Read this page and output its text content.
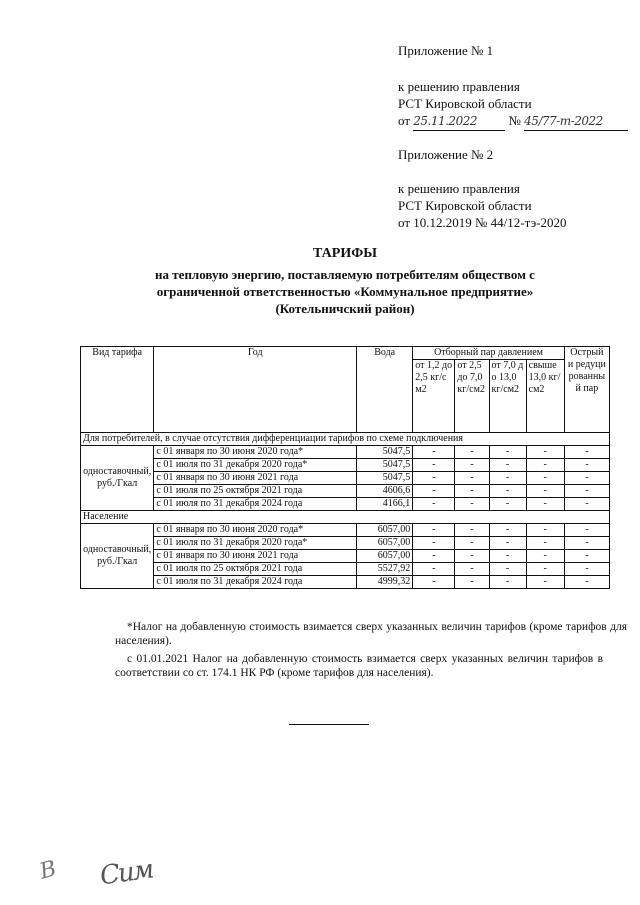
Приложение № 1
к решению правления
РСТ Кировской области
от 25.11.2022 № 45/77-т-2022
Приложение № 2
к решению правления
РСТ Кировской области
от 10.12.2019 № 44/12-тэ-2020
ТАРИФЫ
на тепловую энергию, поставляемую потребителям обществом с
ограниченной ответственностью «Коммунальное предприятие»
(Котельничский район)
Вид тарифа	Год	Вода	Отборный пар давлением				Острый и редуцированный пар
			от 1,2 до 2,5 кг/см2	от 2,5 до 7,0 кг/см2	от 7,0 до 13,0 кг/см2	свыше 13,0 кг/см2	
Для потребителей, в случае отсутствия дифференциации тарифов по схеме подключения							
одноставочный, руб./Гкал	с 01 января по 30 июня 2020 года*	5047,5	-	-	-	-	-
	с 01 июля по 31 декабря 2020 года*	5047,5	-	-	-	-	-
	с 01 января по 30 июня 2021 года	5047,5	-	-	-	-	-
	с 01 июля по 25 октября 2021 года	4606,6	-	-	-	-	-
	с 01 июля по 31 декабря 2024 года	4166,1	-	-	-	-	-
Население							
одноставочный, руб./Гкал	с 01 января по 30 июня 2020 года*	6057,00	-	-	-	-	-
	с 01 июля по 31 декабря 2020 года*	6057,00	-	-	-	-	-
	с 01 января по 30 июня 2021 года	6057,00	-	-	-	-	-
	с 01 июля по 25 октября 2021 года	5527,92	-	-	-	-	-
	с 01 июля по 31 декабря 2024 года	4999,32	-	-	-	-	-
*Налог на добавленную стоимость взимается сверх указанных величин тарифов (кроме тарифов для населения).
с 01.01.2021 Налог на добавленную стоимость взимается сверх указанных величин тарифов в соответствии со ст. 174.1 НК РФ (кроме тарифов для населения).
В Сим
